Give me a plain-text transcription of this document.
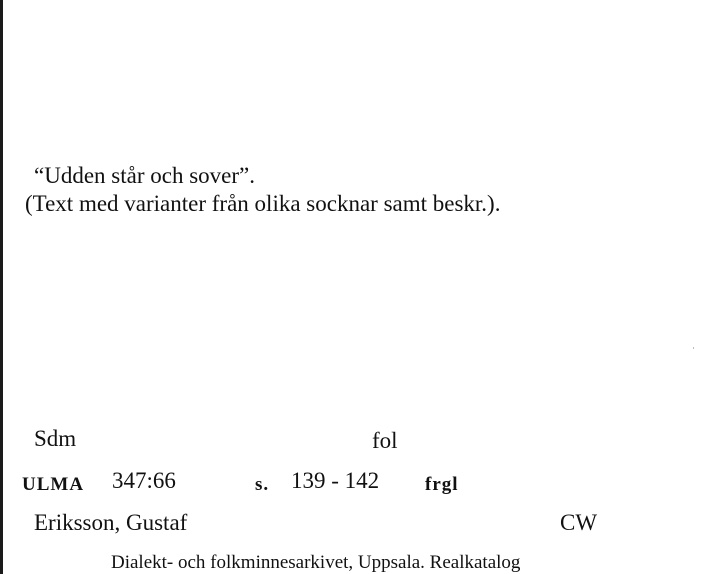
“Udden står och sover”.
(Text med varianter från olika socknar samt beskr.).
Sdm	fol
ULMA 347:66	s. 139 - 142 frgl
Eriksson, Gustaf	CW
Dialekt- och folkminnesarkivet, Uppsala. Realkatalog
